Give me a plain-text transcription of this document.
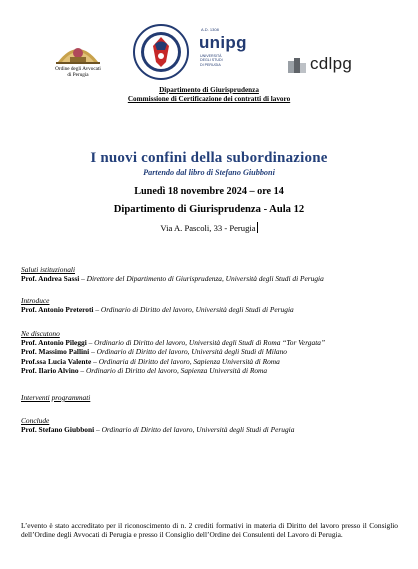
Ordine degli Avvocati
di Perugia
A.D. 1308
unipg
UNIVERSITÀ
DEGLI STUDI
DI PERUGIA	cdlpg
Dipartimento di Giurisprudenza
Commissione di Certificazione dei contratti di lavoro
I nuovi confini della subordinazione
Partendo dal libro di Stefano Giubboni
Lunedì 18 novembre 2024 – ore 14
Dipartimento di Giurisprudenza - Aula 12
Via A. Pascoli, 33 - Perugia
Saluti istituzionali
Prof. Andrea Sassi – Direttore del Dipartimento di Giurisprudenza, Università degli Studi di Perugia
Introduce
Prof. Antonio Preteroti – Ordinario di Diritto del lavoro, Università degli Studi di Perugia
Ne discutono
Prof. Antonio Pileggi – Ordinario di Diritto del lavoro, Università degli Studi di Roma “Tor Vergata”
Prof. Massimo Pallini – Ordinario di Diritto del lavoro, Università degli Studi di Milano
Prof.ssa Lucia Valente – Ordinaria di Diritto del lavoro, Sapienza Università di Roma
Prof. Ilario Alvino – Ordinario di Diritto del lavoro, Sapienza Università di Roma
Interventi programmati
Conclude
Prof. Stefano Giubboni – Ordinario di Diritto del lavoro, Università degli Studi di Perugia
L’evento è stato accreditato per il riconoscimento di n. 2 crediti formativi in materia di Diritto del lavoro presso il Consiglio dell’Ordine degli Avvocati di Perugia e presso il Consiglio dell’Ordine dei Consulenti del Lavoro di Perugia.
